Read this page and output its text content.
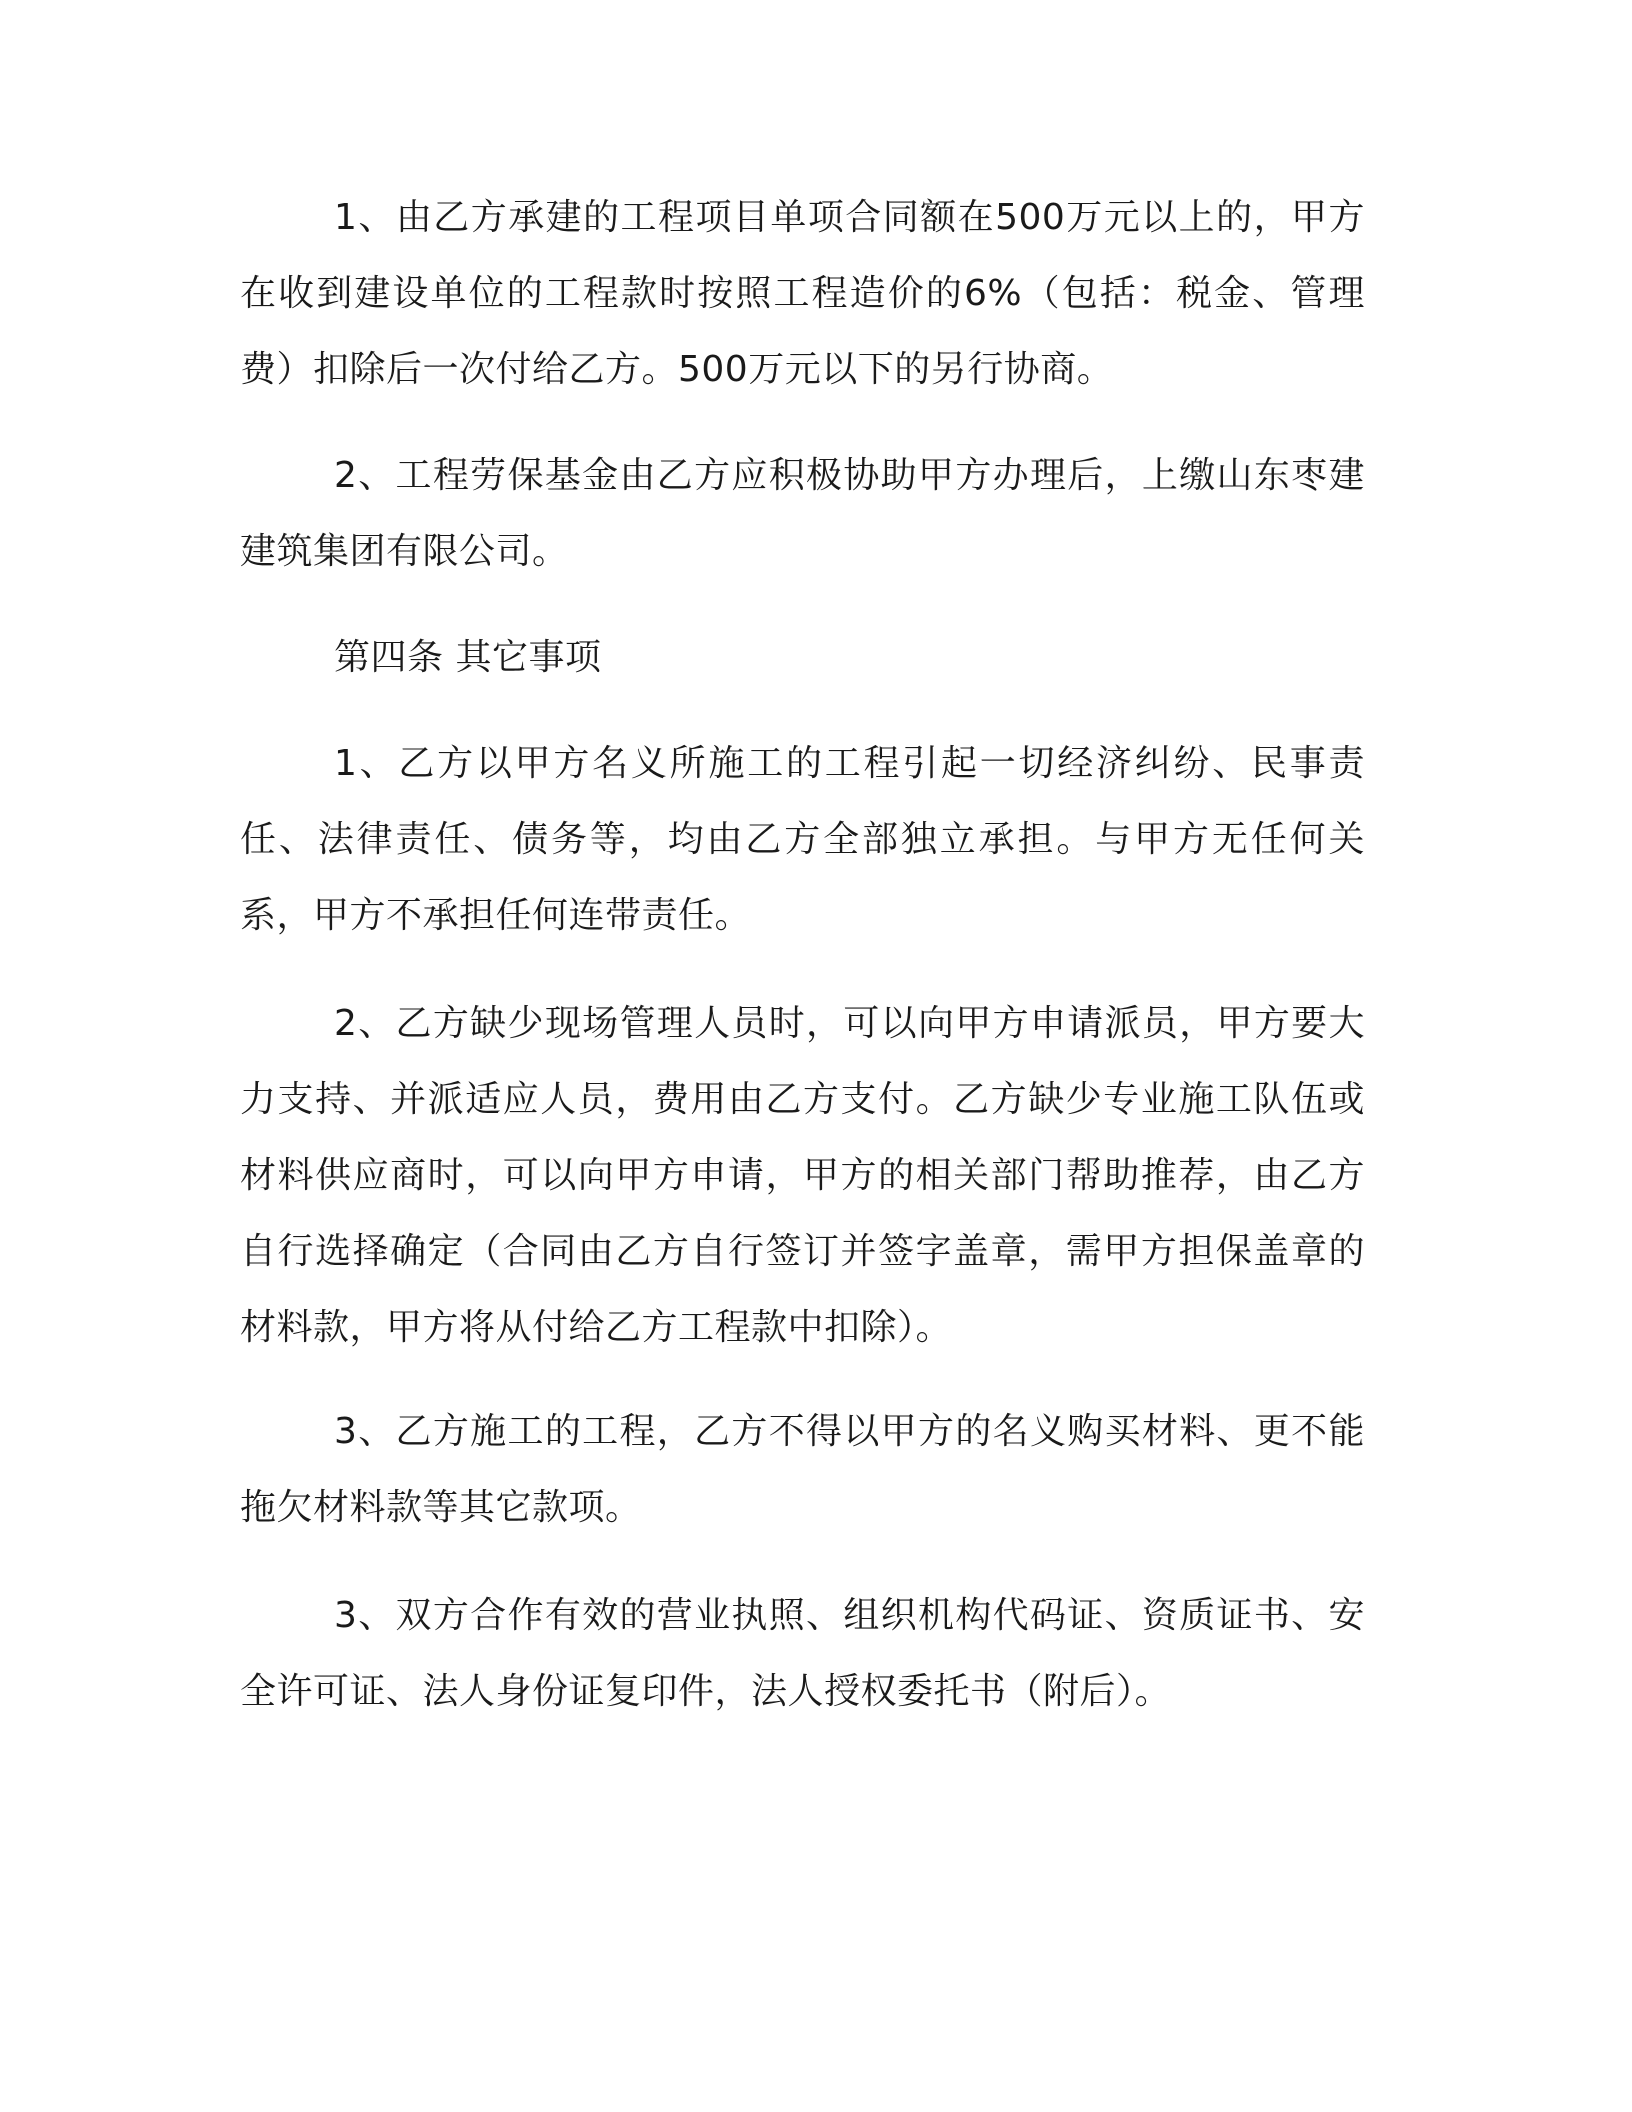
1、由乙方承建的工程项目单项合同额在500万元以上的，甲方在收到建设单位的工程款时按照工程造价的6%（包括：税金、管理费）扣除后一次付给乙方。500万元以下的另行协商。

2、工程劳保基金由乙方应积极协助甲方办理后，上缴山东枣建建筑集团有限公司。

第四条 其它事项

1、乙方以甲方名义所施工的工程引起一切经济纠纷、民事责任、法律责任、债务等，均由乙方全部独立承担。与甲方无任何关系，甲方不承担任何连带责任。

2、乙方缺少现场管理人员时，可以向甲方申请派员，甲方要大力支持、并派适应人员，费用由乙方支付。乙方缺少专业施工队伍或材料供应商时，可以向甲方申请，甲方的相关部门帮助推荐，由乙方自行选择确定（合同由乙方自行签订并签字盖章，需甲方担保盖章的材料款，甲方将从付给乙方工程款中扣除）。

3、乙方施工的工程，乙方不得以甲方的名义购买材料、更不能拖欠材料款等其它款项。

3、双方合作有效的营业执照、组织机构代码证、资质证书、安全许可证、法人身份证复印件，法人授权委托书（附后）。
